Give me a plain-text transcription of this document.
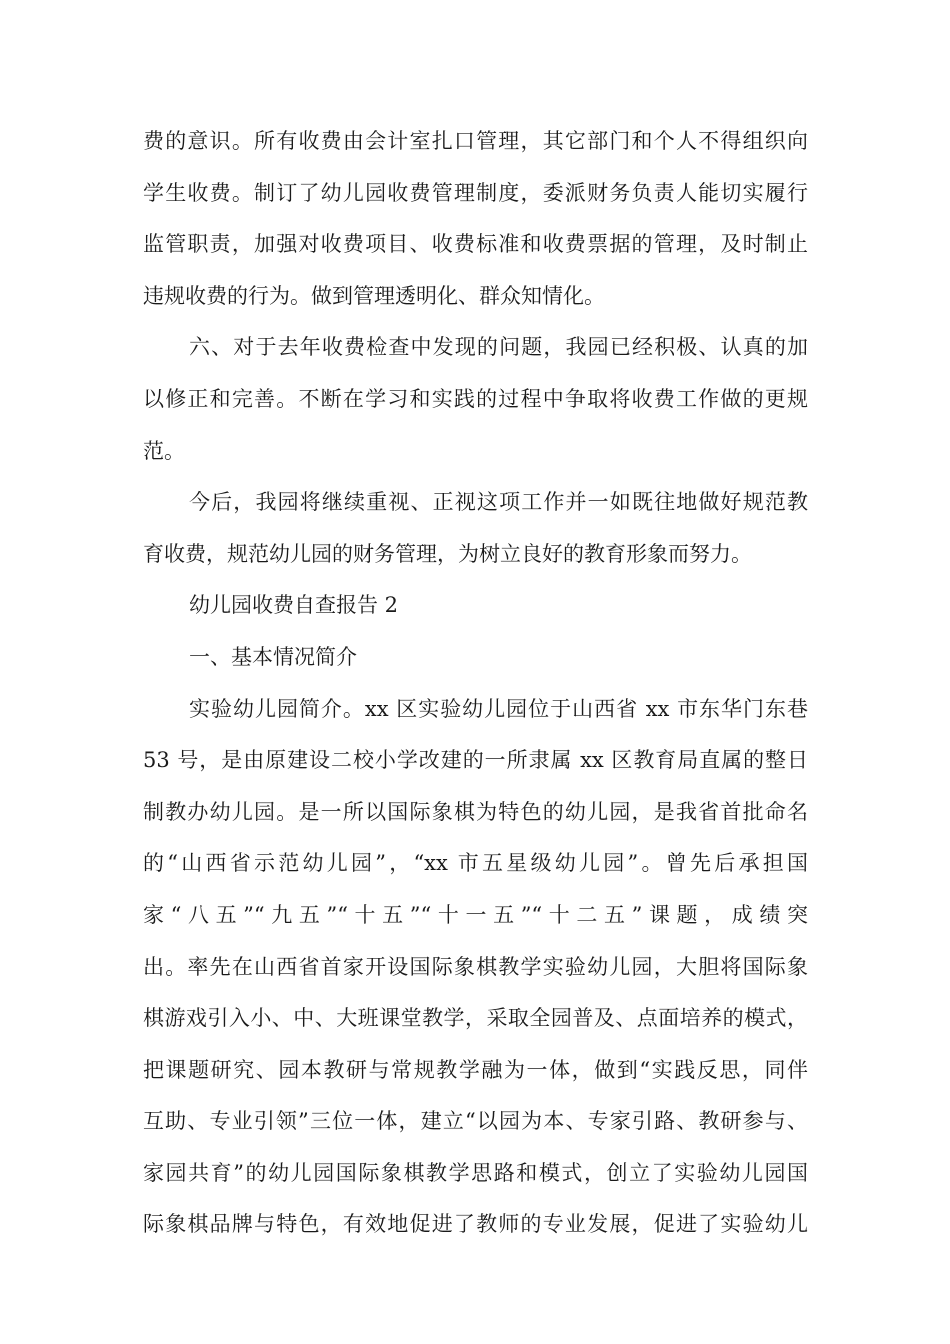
费的意识。所有收费由会计室扎口管理，其它部门和个人不得组织向
学生收费。制订了幼儿园收费管理制度，委派财务负责人能切实履行
监管职责，加强对收费项目、收费标准和收费票据的管理，及时制止
违规收费的行为。做到管理透明化、群众知情化。
六、对于去年收费检查中发现的问题，我园已经积极、认真的加
以修正和完善。不断在学习和实践的过程中争取将收费工作做的更规
范。
今后，我园将继续重视、正视这项工作并一如既往地做好规范教
育收费，规范幼儿园的财务管理，为树立良好的教育形象而努力。
幼儿园收费自查报告 2
一、基本情况简介
实验幼儿园简介。xx 区实验幼儿园位于山西省 xx 市东华门东巷
53 号，是由原建设二校小学改建的一所隶属 xx 区教育局直属的整日
制教办幼儿园。是一所以国际象棋为特色的幼儿园，是我省首批命名
的“山西省示范幼儿园”，“xx 市五星级幼儿园”。曾先后承担国
家“八五”“九五”“十五”“十一五”“十二五”课题，成绩突
出。率先在山西省首家开设国际象棋教学实验幼儿园，大胆将国际象
棋游戏引入小、中、大班课堂教学，采取全园普及、点面培养的模式，
把课题研究、园本教研与常规教学融为一体，做到“实践反思，同伴
互助、专业引领”三位一体，建立“以园为本、专家引路、教研参与、
家园共育”的幼儿园国际象棋教学思路和模式，创立了实验幼儿园国
际象棋品牌与特色，有效地促进了教师的专业发展，促进了实验幼儿
